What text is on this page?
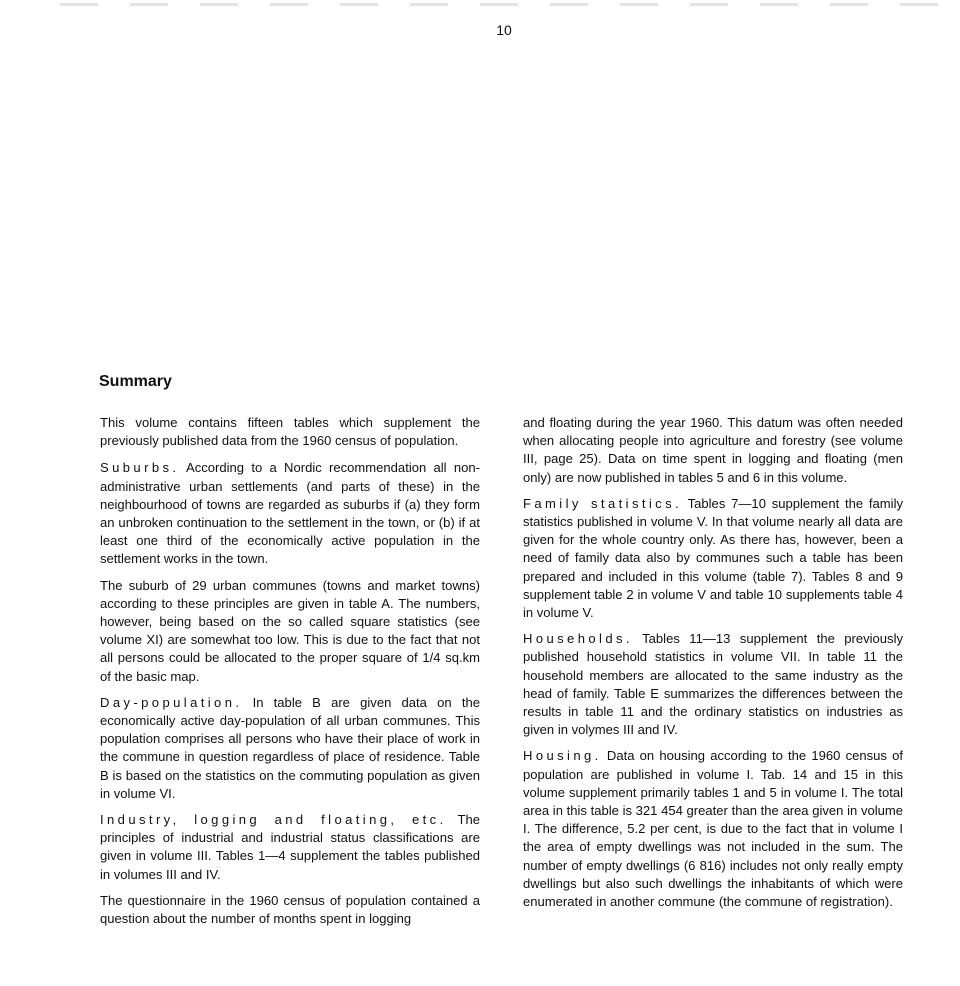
10
Summary

This volume contains fifteen tables which supplement the previously published data from the 1960 census of population.

Suburbs. According to a Nordic recommendation all non-administrative urban settlements (and parts of these) in the neighbourhood of towns are regarded as suburbs if (a) they form an unbroken continuation to the settlement in the town, or (b) if at least one third of the economically active population in the settlement works in the town.

The suburb of 29 urban communes (towns and market towns) according to these principles are given in table A. The numbers, however, being based on the so called square statistics (see volume XI) are somewhat too low. This is due to the fact that not all persons could be allocated to the proper square of 1/4 sq.km of the basic map.

Day-population. In table B are given data on the economically active day-population of all urban communes. This population comprises all persons who have their place of work in the commune in question regardless of place of residence. Table B is based on the statistics on the commuting population as given in volume VI.

Industry, logging and floating, etc. The principles of industrial and industrial status classifications are given in volume III. Tables 1—4 supplement the tables published in volumes III and IV.

The questionnaire in the 1960 census of population contained a question about the number of months spent in logging

and floating during the year 1960. This datum was often needed when allocating people into agriculture and forestry (see volume III, page 25). Data on time spent in logging and floating (men only) are now published in tables 5 and 6 in this volume.

Family statistics. Tables 7—10 supplement the family statistics published in volume V. In that volume nearly all data are given for the whole country only. As there has, however, been a need of family data also by communes such a table has been prepared and included in this volume (table 7). Tables 8 and 9 supplement table 2 in volume V and table 10 supplements table 4 in volume V.

Households. Tables 11—13 supplement the previously published household statistics in volume VII. In table 11 the household members are allocated to the same industry as the head of family. Table E summarizes the differences between the results in table 11 and the ordinary statistics on industries as given in volymes III and IV.

Housing. Data on housing according to the 1960 census of population are published in volume I. Tab. 14 and 15 in this volume supplement primarily tables 1 and 5 in volume I. The total area in this table is 321 454 greater than the area given in volume I. The difference, 5.2 per cent, is due to the fact that in volume I the area of empty dwellings was not included in the sum. The number of empty dwellings (6 816) includes not only really empty dwellings but also such dwellings the inhabitants of which were enumerated in another commune (the commune of registration).
